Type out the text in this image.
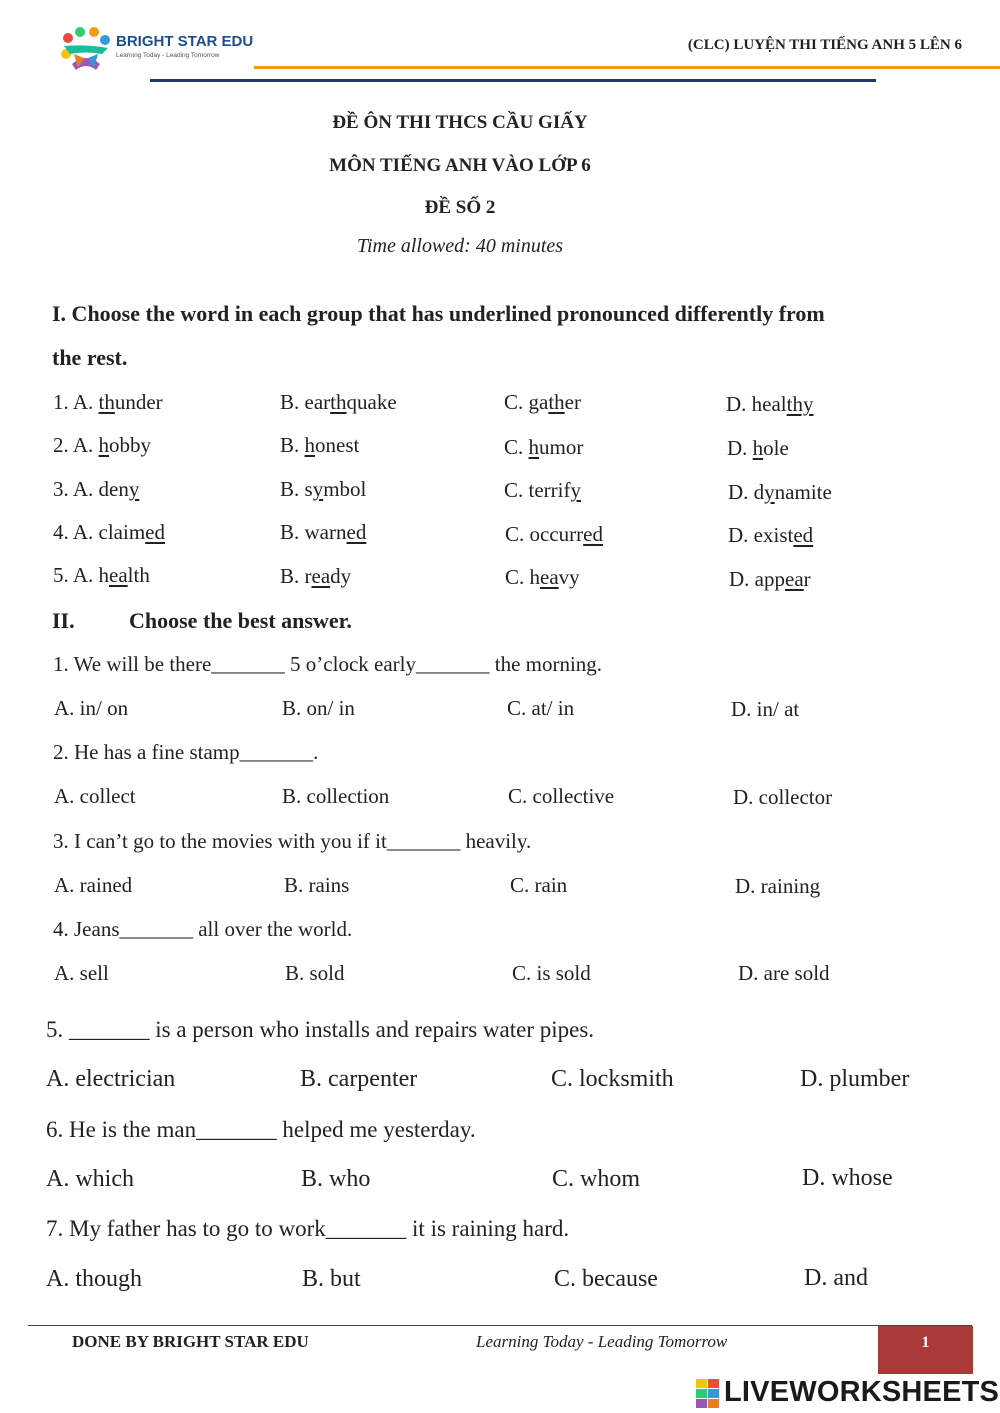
BRIGHT STAR EDU
Learning Today - Leading Tomorrow
(CLC) LUYỆN THI TIẾNG ANH 5 LÊN 6
ĐỀ ÔN THI THCS CẦU GIẤY
MÔN TIẾNG ANH VÀO LỚP 6
ĐỀ SỐ 2
Time allowed: 40 minutes
I. Choose the word in each group that has underlined pronounced differently from
the rest.
1. A. thunder	B. earthquake	C. gather	D. healthy
2. A. hobby	B. honest	C. humor	D. hole
3. A. deny	B. symbol	C. terrify	D. dynamite
4. A. claimed	B. warned	C. occurred	D. existed
5. A. health	B. ready	C. heavy	D. appear
II. Choose the best answer.
1. We will be there_______ 5 o’clock early_______ the morning.
A. in/ on	B. on/ in	C. at/ in	D. in/ at
2. He has a fine stamp_______.
A. collect	B. collection	C. collective	D. collector
3. I can’t go to the movies with you if it_______ heavily.
A. rained	B. rains	C. rain	D. raining
4. Jeans_______ all over the world.
A. sell	B. sold	C. is sold	D. are sold
5. _______ is a person who installs and repairs water pipes.
A. electrician	B. carpenter	C. locksmith	D. plumber
6. He is the man_______ helped me yesterday.
A. which	B. who	C. whom	D. whose
7. My father has to go to work_______ it is raining hard.
A. though	B. but	C. because	D. and
DONE BY BRIGHT STAR EDU	Learning Today - Leading Tomorrow	1
LIVEWORKSHEETS
